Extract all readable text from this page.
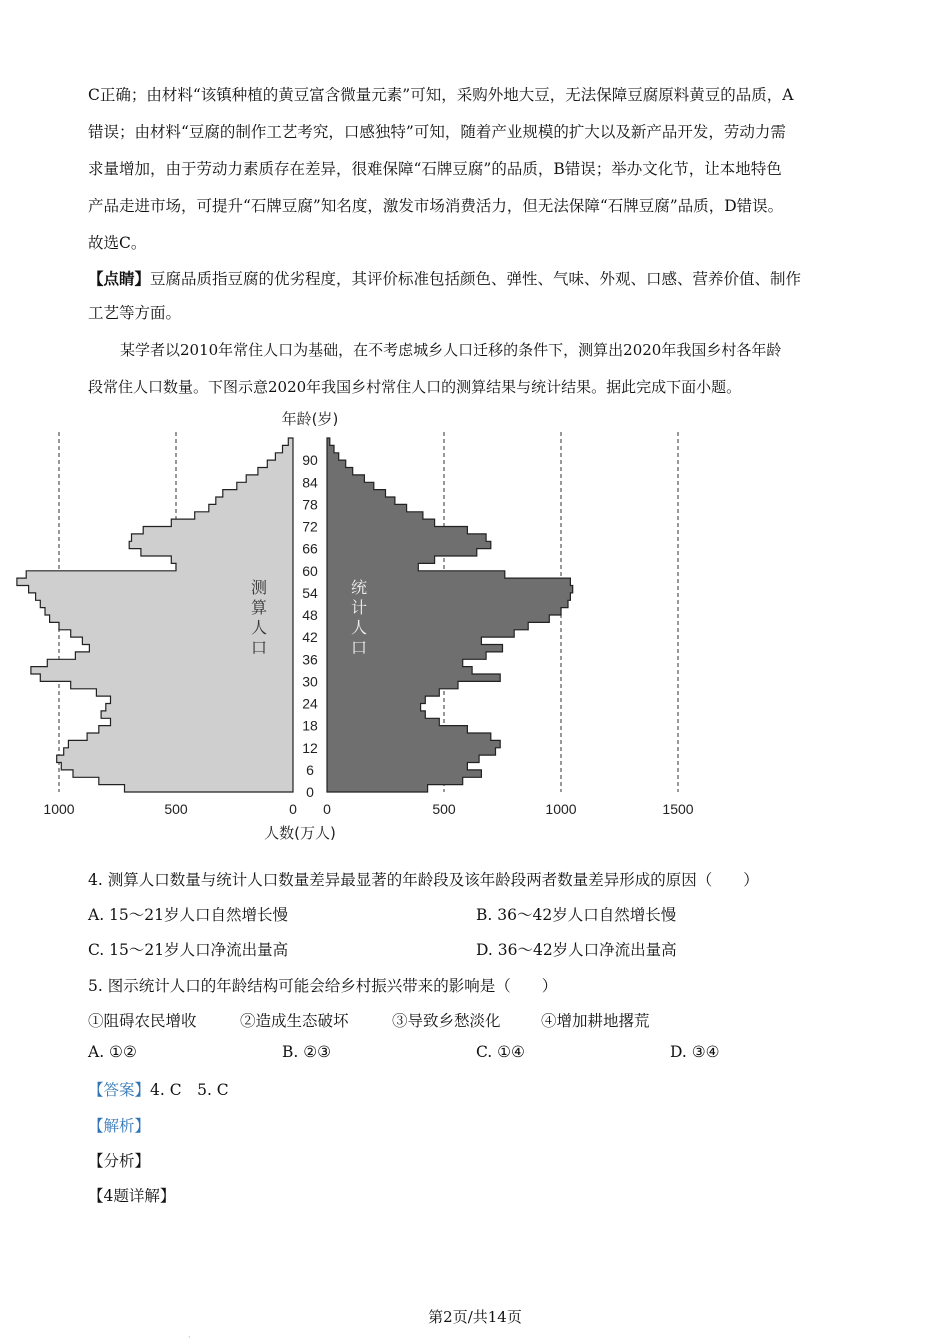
C正确；由材料“该镇种植的黄豆富含微量元素”可知，采购外地大豆，无法保障豆腐原料黄豆的品质，A
错误；由材料“豆腐的制作工艺考究，口感独特”可知，随着产业规模的扩大以及新产品开发，劳动力需
求量增加，由于劳动力素质存在差异，很难保障“石牌豆腐”的品质，B错误；举办文化节，让本地特色
产品走进市场，可提升“石牌豆腐”知名度，激发市场消费活力，但无法保障“石牌豆腐”品质，D错误。
故选C。
【点睛】豆腐品质指豆腐的优劣程度，其评价标准包括颜色、弹性、气味、外观、口感、营养价值、制作
工艺等方面。
某学者以2010年常住人口为基础，在不考虑城乡人口迁移的条件下，测算出2020年我国乡村各年龄
段常住人口数量。下图示意2020年我国乡村常住人口的测算结果与统计结果。据此完成下面小题。
0
6
12
18
24
30
36
42
48
54
60
66
72
78
84
90
年龄(岁)
1000	500	0 0	500	1000	1500
人数(万人)
测
算
人
口
统
计
人
口
4. 测算人口数量与统计人口数量差异最显著的年龄段及该年龄段两者数量差异形成的原因（　　）
A. 15～21岁人口自然增长慢	B. 36～42岁人口自然增长慢
C. 15～21岁人口净流出量高	D. 36～42岁人口净流出量高
5. 图示统计人口的年龄结构可能会给乡村振兴带来的影响是（　　）
①阻碍农民增收	②造成生态破坏	③导致乡愁淡化	④增加耕地撂荒
A. ①②	B. ②③	C. ①④	D. ③④
【答案】4. C　5. C
【解析】
【分析】
【4题详解】
·
第2页/共14页
